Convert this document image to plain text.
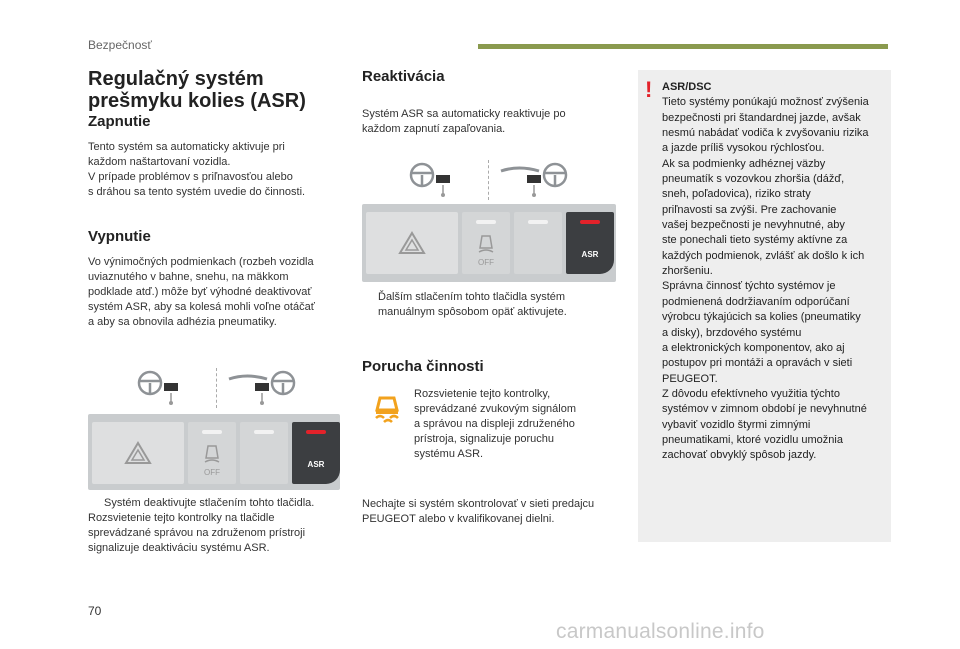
Bezpečnosť
Regulačný systém
prešmyku kolies (ASR)
Zapnutie

Tento systém sa automaticky aktivuje pri

každom naštartovaní vozidla.

V prípade problémov s priľnavosťou alebo

s dráhou sa tento systém uvedie do činnosti.

Vypnutie

Vo výnimočných podmienkach (rozbeh vozidla

uviaznutého v bahne, snehu, na mäkkom

podklade atď.) môže byť výhodné deaktivovať

systém ASR, aby sa kolesá mohli voľne otáčať

a aby sa obnovila adhézia pneumatiky.

OFF
ASR
Systém deaktivujte stlačením tohto tlačidla.

Rozsvietenie tejto kontrolky na tlačidle

sprevádzané správou na združenom prístroji

signalizuje deaktiváciu systému ASR.

Reaktivácia

Systém ASR sa automaticky reaktivuje po

každom zapnutí zapaľovania.

OFF
ASR
Ďalším stlačením tohto tlačidla systém
manuálnym spôsobom opäť aktivujete.
Porucha činnosti

Rozsvietenie tejto kontrolky,

sprevádzané zvukovým signálom

a správou na displeji združeného

prístroja, signalizuje poruchu

systému ASR.

Nechajte si systém skontrolovať v sieti predajcu

PEUGEOT alebo v kvalifikovanej dielni.

! ASR/DSC
Tieto systémy ponúkajú možnosť zvýšenia
bezpečnosti pri štandardnej jazde, avšak
nesmú nabádať vodiča k zvyšovaniu rizika
a jazde príliš vysokou rýchlosťou.
Ak sa podmienky adhéznej väzby
pneumatík s vozovkou zhoršia (dážď,
sneh, poľadovica), riziko straty
priľnavosti sa zvýši. Pre zachovanie
vašej bezpečnosti je nevyhnutné, aby
ste ponechali tieto systémy aktívne za
každých podmienok, zvlášť ak došlo k ich
zhoršeniu.
Správna činnosť týchto systémov je
podmienená dodržiavaním odporúčaní
výrobcu týkajúcich sa kolies (pneumatiky
a disky), brzdového systému
a elektronických komponentov, ako aj
postupov pri montáži a opravách v sieti
PEUGEOT.
Z dôvodu efektívneho využitia týchto
systémov v zimnom období je nevyhnutné
vybaviť vozidlo štyrmi zimnými
pneumatikami, ktoré vozidlu umožnia
zachovať obvyklý spôsob jazdy.
70
carmanualsonline.info
